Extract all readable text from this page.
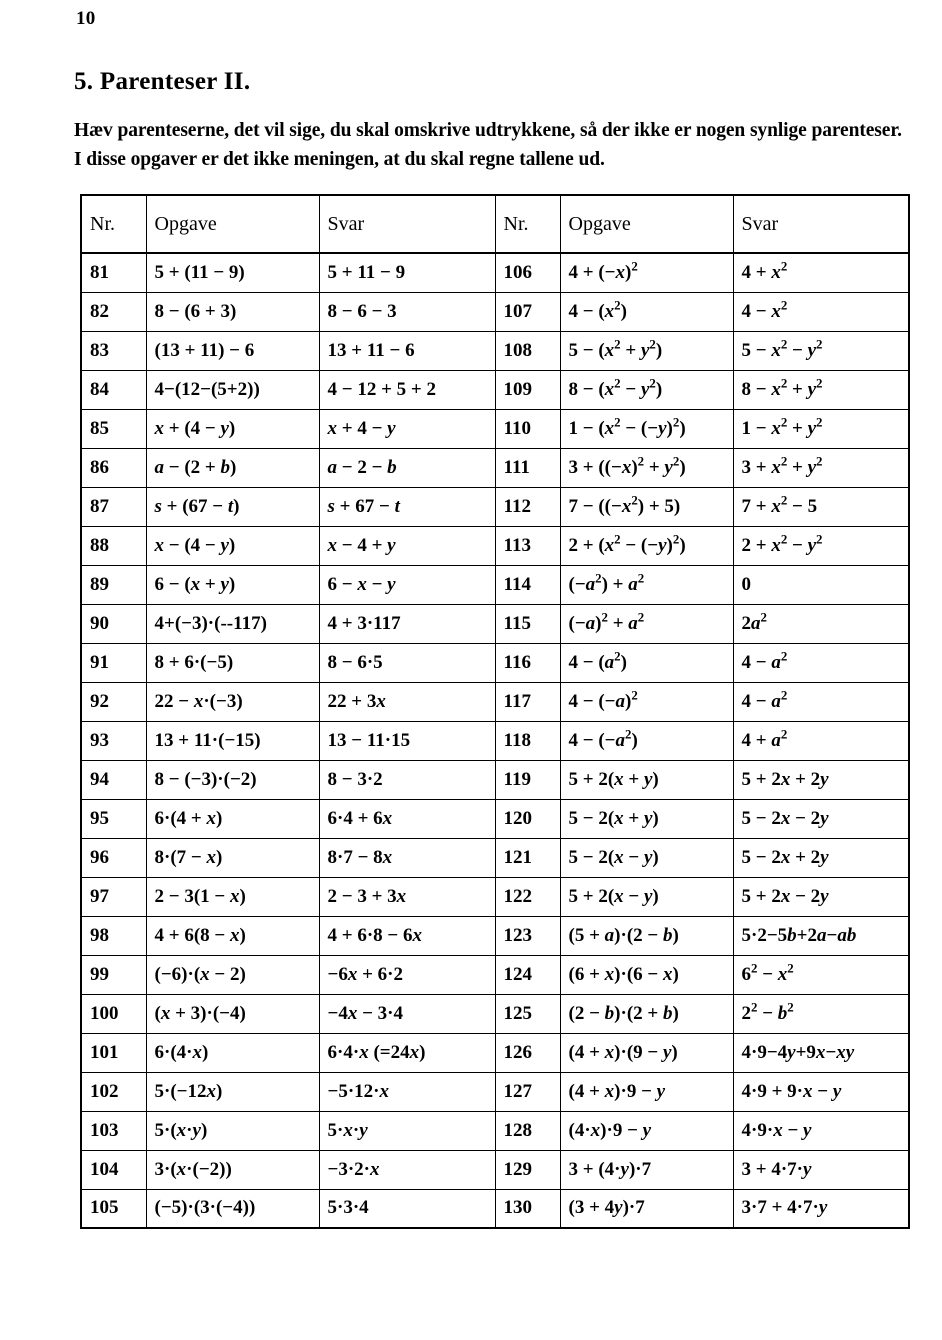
10
5. Parenteser II.
Hæv parenteserne, det vil sige, du skal omskrive udtrykkene, så der ikke er nogen synlige parenteser.
I disse opgaver er det ikke meningen, at du skal regne tallene ud.
Nr.	Opgave	Svar	Nr.	Opgave	Svar
81	5 + (11 − 9)	5 + 11 − 9	106	$4 + (-x)^2$	$4 + x^2$
82	8 − (6 + 3)	8 − 6 − 3	107	$4 - (x^2)$	$4 - x^2$
83	(13 + 11) − 6	13 + 11 − 6	108	$5 - (x^2 + y^2)$	$5 - x^2 - y^2$
84	4−(12−(5+2))	4 − 12 + 5 + 2	109	$8 - (x^2 - y^2)$	$8 - x^2 + y^2$
85	x + (4 − y)	x + 4 − y	110	$1 - (x^2 - (-y)^2)$	$1 - x^2 + y^2$
86	a − (2 + b)	a − 2 − b	111	$3 + ((-x)^2 + y^2)$	$3 + x^2 + y^2$
87	s + (67 − t)	s + 67 − t	112	$7 - ((-x^2) + 5)$	$7 + x^2 - 5$
88	x − (4 − y)	x − 4 + y	113	$2 + (x^2 - (-y)^2)$	$2 + x^2 - y^2$
89	6 − (x + y)	6 − x − y	114	$(-a^2) + a^2$	0
90	4+(−3)·(--117)	4 + 3·117	115	$(-a)^2 + a^2$	$2a^2$
91	8 + 6·(−5)	8 − 6·5	116	$4 - (a^2)$	$4 - a^2$
92	22 − x·(−3)	22 + 3x	117	$4 - (-a)^2$	$4 - a^2$
93	13 + 11·(−15)	13 − 11·15	118	$4 - (-a^2)$	$4 + a^2$
94	8 − (−3)·(−2)	8 − 3·2	119	5 + 2(x + y)	5 + 2x + 2y
95	6·(4 + x)	6·4 + 6x	120	5 − 2(x + y)	5 − 2x − 2y
96	8·(7 − x)	8·7 − 8x	121	5 − 2(x − y)	5 − 2x + 2y
97	2 − 3(1 − x)	2 − 3 + 3x	122	5 + 2(x − y)	5 + 2x − 2y
98	4 + 6(8 − x)	4 + 6·8 − 6x	123	(5 + a)·(2 − b)	5·2−5b+2a−ab
99	(−6)·(x − 2)	−6x + 6·2	124	(6 + x)·(6 − x)	$6^2 - x^2$
100	(x + 3)·(−4)	−4x − 3·4	125	(2 − b)·(2 + b)	$2^2 - b^2$
101	6·(4·x)	6·4·x (=24x)	126	(4 + x)·(9 − y)	4·9−4y+9x−xy
102	5·(−12x)	−5·12·x	127	(4 + x)·9 − y	4·9 + 9·x − y
103	5·(x·y)	5·x·y	128	(4·x)·9 − y	4·9·x − y
104	3·(x·(−2))	−3·2·x	129	3 + (4·y)·7	3 + 4·7·y
105	(−5)·(3·(−4))	5·3·4	130	(3 + 4y)·7	3·7 + 4·7·y
